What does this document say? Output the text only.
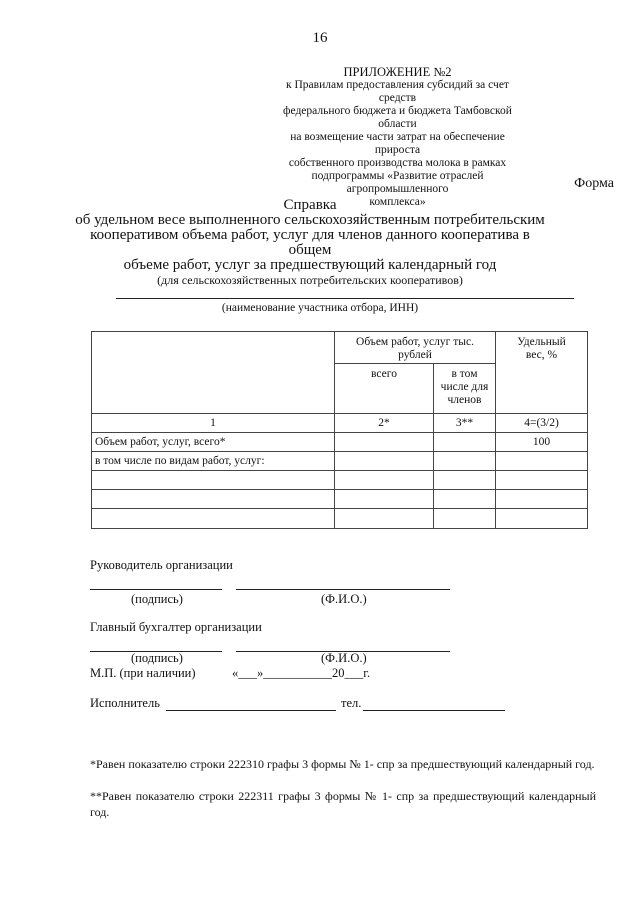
16
ПРИЛОЖЕНИЕ №2
к Правилам предоставления субсидий за счет средств
федерального бюджета и бюджета Тамбовской области
на возмещение части затрат на обеспечение прироста
собственного производства молока в рамках
подпрограммы «Развитие отраслей агропромышленного
комплекса»
Форма
Справка
об удельном весе выполненного сельскохозяйственным потребительским
кооперативом объема работ, услуг для членов данного кооператива в общем
объеме работ, услуг за предшествующий календарный год
(для сельскохозяйственных потребительских кооперативов)
(наименование участника отбора, ИНН)
	Объем работ, услуг тыс. рублей		Удельный вес, %
	всего	в том числе для членов	
1	2*	3**	4=(3/2)
Объем работ, услуг, всего*			100
в том числе по видам работ, услуг:			

Руководитель организации
(подпись)	(Ф.И.О.)
Главный бухгалтер организации
(подпись)	(Ф.И.О.)
М.П. (при наличии)	«___»___________20___г.
Исполнитель	тел.
*Равен показателю строки 222310 графы 3 формы № 1- спр за предшествующий календарный год.
**Равен показателю строки 222311 графы 3 формы № 1- спр за предшествующий календарный год.
